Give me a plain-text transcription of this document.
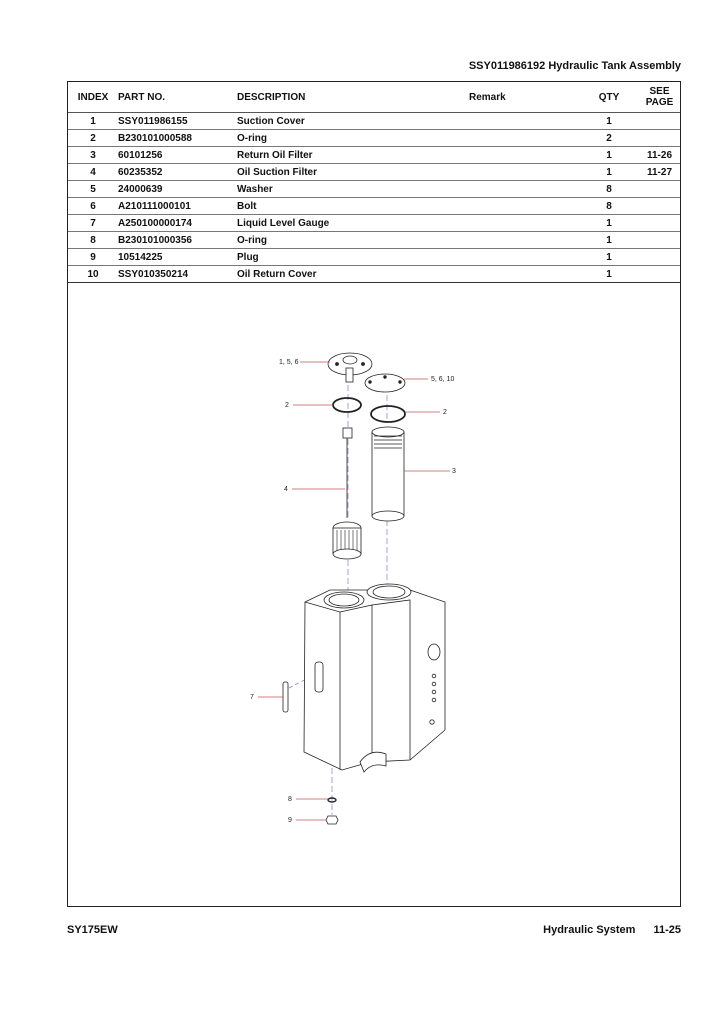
SSY011986192 Hydraulic Tank Assembly
INDEX	PART NO.	DESCRIPTION	Remark	QTY	SEE
PAGE
1	SSY011986155	Suction Cover		1	
2	B230101000588	O-ring		2	
3	60101256	Return Oil Filter		1	11-26
4	60235352	Oil Suction Filter		1	11-27
5	24000639	Washer		8	
6	A210111000101	Bolt		8	
7	A250100000174	Liquid Level Gauge		1	
8	B230101000356	O-ring		1	
9	10514225	Plug		1	
10	SSY010350214	Oil Return Cover		1	
1, 5, 6
5, 6, 10
2
2
3
4
7
8
9
SY175EW	Hydraulic System 11-25
